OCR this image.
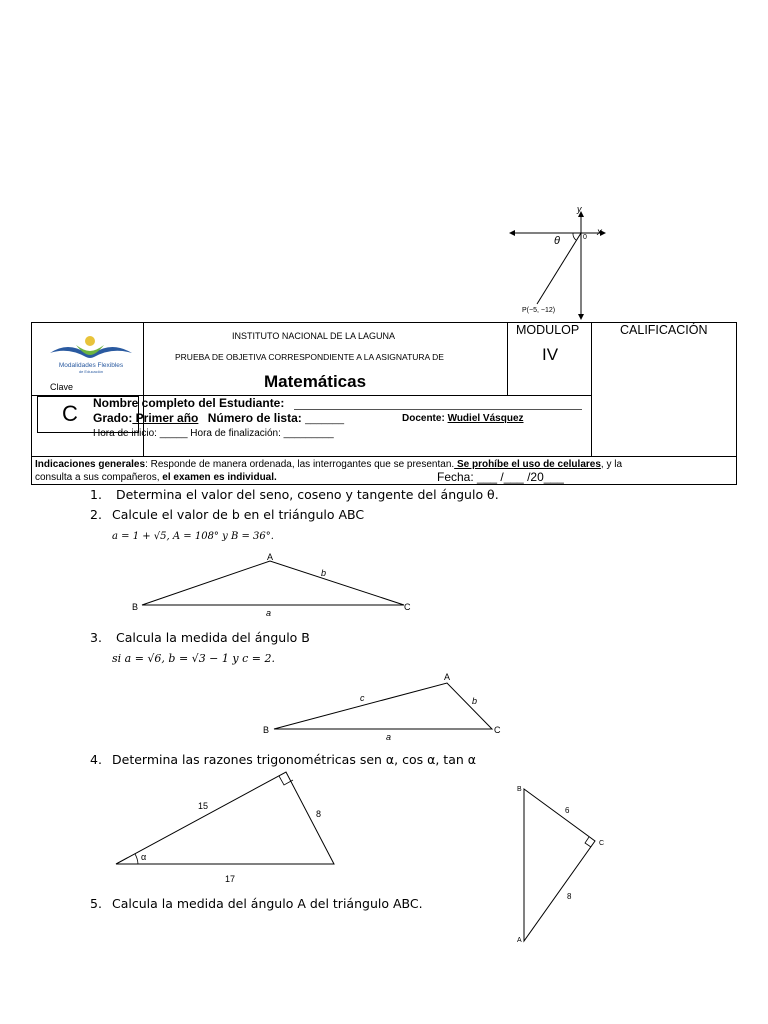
y
x
θ	0
P(−5, −12)
Modalidades Flexibles
de Educación
Clave
C
INSTITUTO NACIONAL DE LA LAGUNA
PRUEBA DE OBJETIVA CORRESPONDIENTE A LA ASIGNATURA DE
Matemáticas
MODULOP
IV
CALIFICACIÓN
Nombre completo del Estudiante:
Grado: Primer año Número de lista: _______	Docente: Wudiel Vásquez
Hora de inicio: _____ Hora de finalización: _________
Indicaciones generales: Responde de manera ordenada, las interrogantes que se presentan. Se prohíbe el uso de celulares, y la
consulta a sus compañeros, el examen es individual.	Fecha: ___ /___ /20___
1. Determina el valor del seno, coseno y tangente del ángulo θ.
2. Calcule el valor de b en el triángulo ABC
a = 1 + √5, A = 108° y B = 36°.
A
B	C
b
a
3. Calcula la medida del ángulo B
si a = √6, b = √3 − 1 y c = 2.
A
B	C
c	b
a
4. Determina las razones trigonométricas sen α, cos α, tan α
15
8
17
α
B
A
C
6
8
5. Calcula la medida del ángulo A del triángulo ABC.
